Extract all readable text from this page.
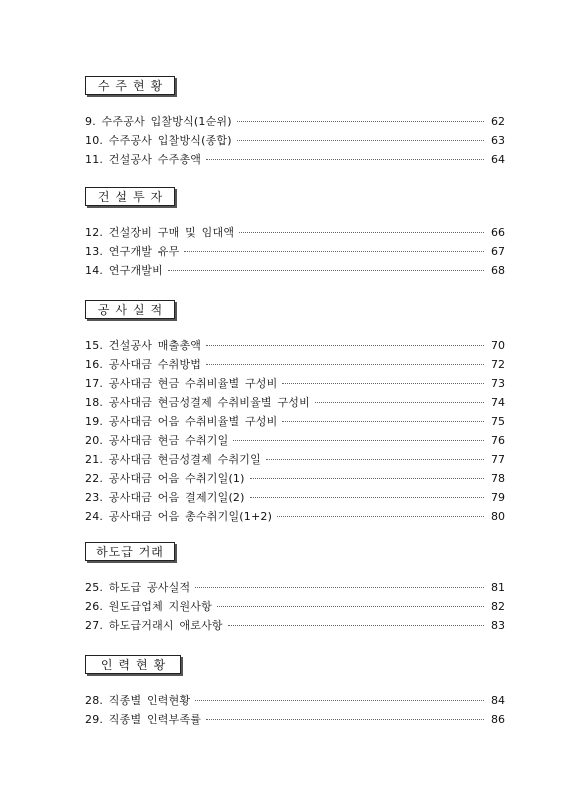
수주현황
9. 수주공사 입찰방식(1순위)	62
10. 수주공사 입찰방식(종합)	63
11. 건설공사 수주총액	64
건설투자
12. 건설장비 구매 및 임대액	66
13. 연구개발 유무	67
14. 연구개발비	68
공사실적
15. 건설공사 매출총액	70
16. 공사대금 수취방법	72
17. 공사대금 현금 수취비율별 구성비	73
18. 공사대금 현금성결제 수취비율별 구성비	74
19. 공사대금 어음 수취비율별 구성비	75
20. 공사대금 현금 수취기일	76
21. 공사대금 현금성결제 수취기일	77
22. 공사대금 어음 수취기일(1)	78
23. 공사대금 어음 결제기일(2)	79
24. 공사대금 어음 총수취기일(1+2)	80
하도급 거래
25. 하도급 공사실적	81
26. 원도급업체 지원사항	82
27. 하도급거래시 애로사항	83
인력현황
28. 직종별 인력현황	84
29. 직종별 인력부족률	86
